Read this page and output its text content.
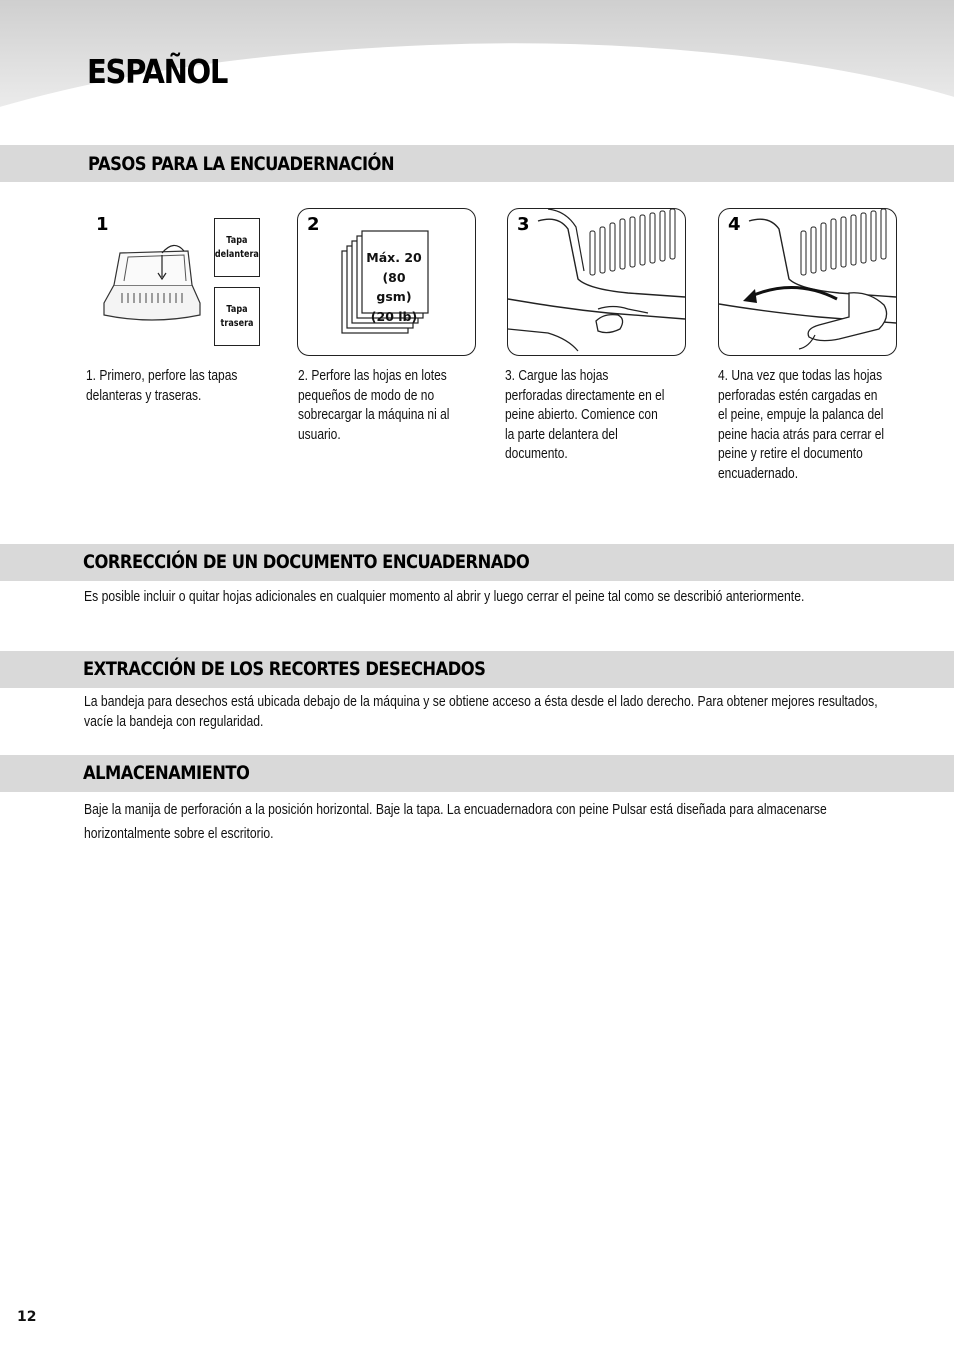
ESPAÑOL
PASOS PARA LA ENCUADERNACIÓN
1
Tapa delantera
Tapa trasera

1. Primero, perfore las tapas delanteras y traseras.

2
Máx. 20 (80 gsm) (20 lb)

2. Perfore las hojas en lotes pequeños de modo de no sobrecargar la máquina ni al usuario.

3

3. Cargue las hojas perforadas directamente en el peine abierto. Comience con la parte delantera del documento.

4

4. Una vez que todas las hojas perforadas estén cargadas en el peine, empuje la palanca del peine hacia atrás para cerrar el peine y retire el documento encuadernado.

CORRECCIÓN DE UN DOCUMENTO ENCUADERNADO

Es posible incluir o quitar hojas adicionales en cualquier momento al abrir y luego cerrar el peine tal como se describió anteriormente.

EXTRACCIÓN DE LOS RECORTES DESECHADOS

La bandeja para desechos está ubicada debajo de la máquina y se obtiene acceso a ésta desde el lado derecho. Para obtener mejores resultados, vacíe la bandeja con regularidad.

ALMACENAMIENTO

Baje la manija de perforación a la posición horizontal. Baje la tapa. La encuadernadora con peine Pulsar está diseñada para almacenarse horizontalmente sobre el escritorio.

12
